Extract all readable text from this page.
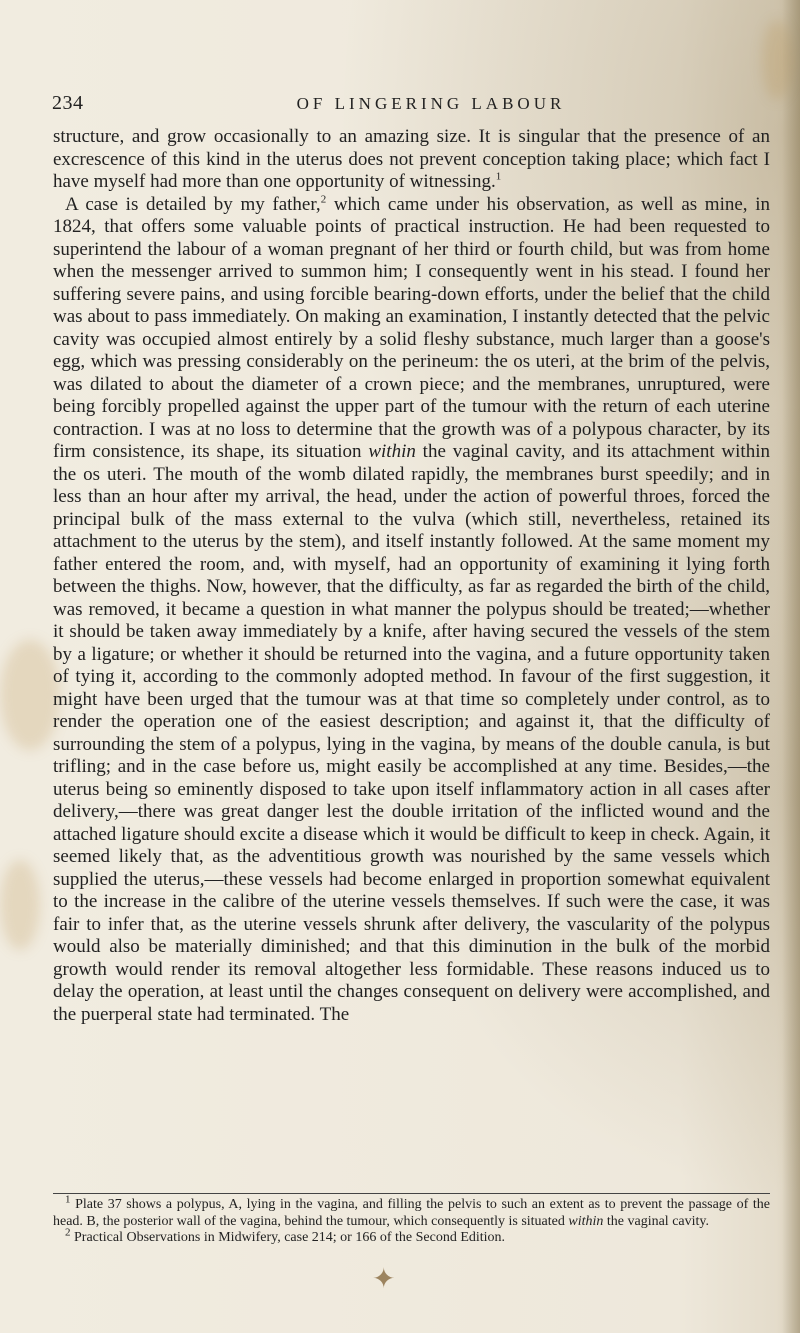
234	OF LINGERING LABOUR

structure, and grow occasionally to an amazing size. It is singular that the presence of an excrescence of this kind in the uterus does not prevent conception taking place; which fact I have myself had more than one opportunity of witnessing.$^1$

A case is detailed by my father,$^2$ which came under his observation, as well as mine, in 1824, that offers some valuable points of practical instruction. He had been requested to superintend the labour of a woman pregnant of her third or fourth child, but was from home when the messenger arrived to summon him; I consequently went in his stead. I found her suffering severe pains, and using forcible bearing-down efforts, under the belief that the child was about to pass immediately. On making an examination, I instantly detected that the pelvic cavity was occupied almost entirely by a solid fleshy substance, much larger than a goose's egg, which was pressing considerably on the perineum: the os uteri, at the brim of the pelvis, was dilated to about the diameter of a crown piece; and the membranes, unruptured, were being forcibly propelled against the upper part of the tumour with the return of each uterine contraction. I was at no loss to determine that the growth was of a polypous character, by its firm consistence, its shape, its situation within the vaginal cavity, and its attachment within the os uteri. The mouth of the womb dilated rapidly, the membranes burst speedily; and in less than an hour after my arrival, the head, under the action of powerful throes, forced the principal bulk of the mass external to the vulva (which still, nevertheless, retained its attachment to the uterus by the stem), and itself instantly followed. At the same moment my father entered the room, and, with myself, had an opportunity of examining it lying forth between the thighs. Now, however, that the difficulty, as far as regarded the birth of the child, was removed, it became a question in what manner the polypus should be treated;—whether it should be taken away immediately by a knife, after having secured the vessels of the stem by a ligature; or whether it should be returned into the vagina, and a future opportunity taken of tying it, according to the commonly adopted method. In favour of the first suggestion, it might have been urged that the tumour was at that time so completely under control, as to render the operation one of the easiest description; and against it, that the difficulty of surrounding the stem of a polypus, lying in the vagina, by means of the double canula, is but trifling; and in the case before us, might easily be accomplished at any time. Besides,—the uterus being so eminently disposed to take upon itself inflammatory action in all cases after delivery,—there was great danger lest the double irritation of the inflicted wound and the attached ligature should excite a disease which it would be difficult to keep in check. Again, it seemed likely that, as the adventitious growth was nourished by the same vessels which supplied the uterus,—these vessels had become enlarged in proportion somewhat equivalent to the increase in the calibre of the uterine vessels themselves. If such were the case, it was fair to infer that, as the uterine vessels shrunk after delivery, the vascularity of the polypus would also be materially diminished; and that this diminution in the bulk of the morbid growth would render its removal altogether less formidable. These reasons induced us to delay the operation, at least until the changes consequent on delivery were accomplished, and the puerperal state had terminated. The

$^1$ Plate 37 shows a polypus, A, lying in the vagina, and filling the pelvis to such an extent as to prevent the passage of the head. B, the posterior wall of the vagina, behind the tumour, which consequently is situated within the vaginal cavity.

$^2$ Practical Observations in Midwifery, case 214; or 166 of the Second Edition.

✦
